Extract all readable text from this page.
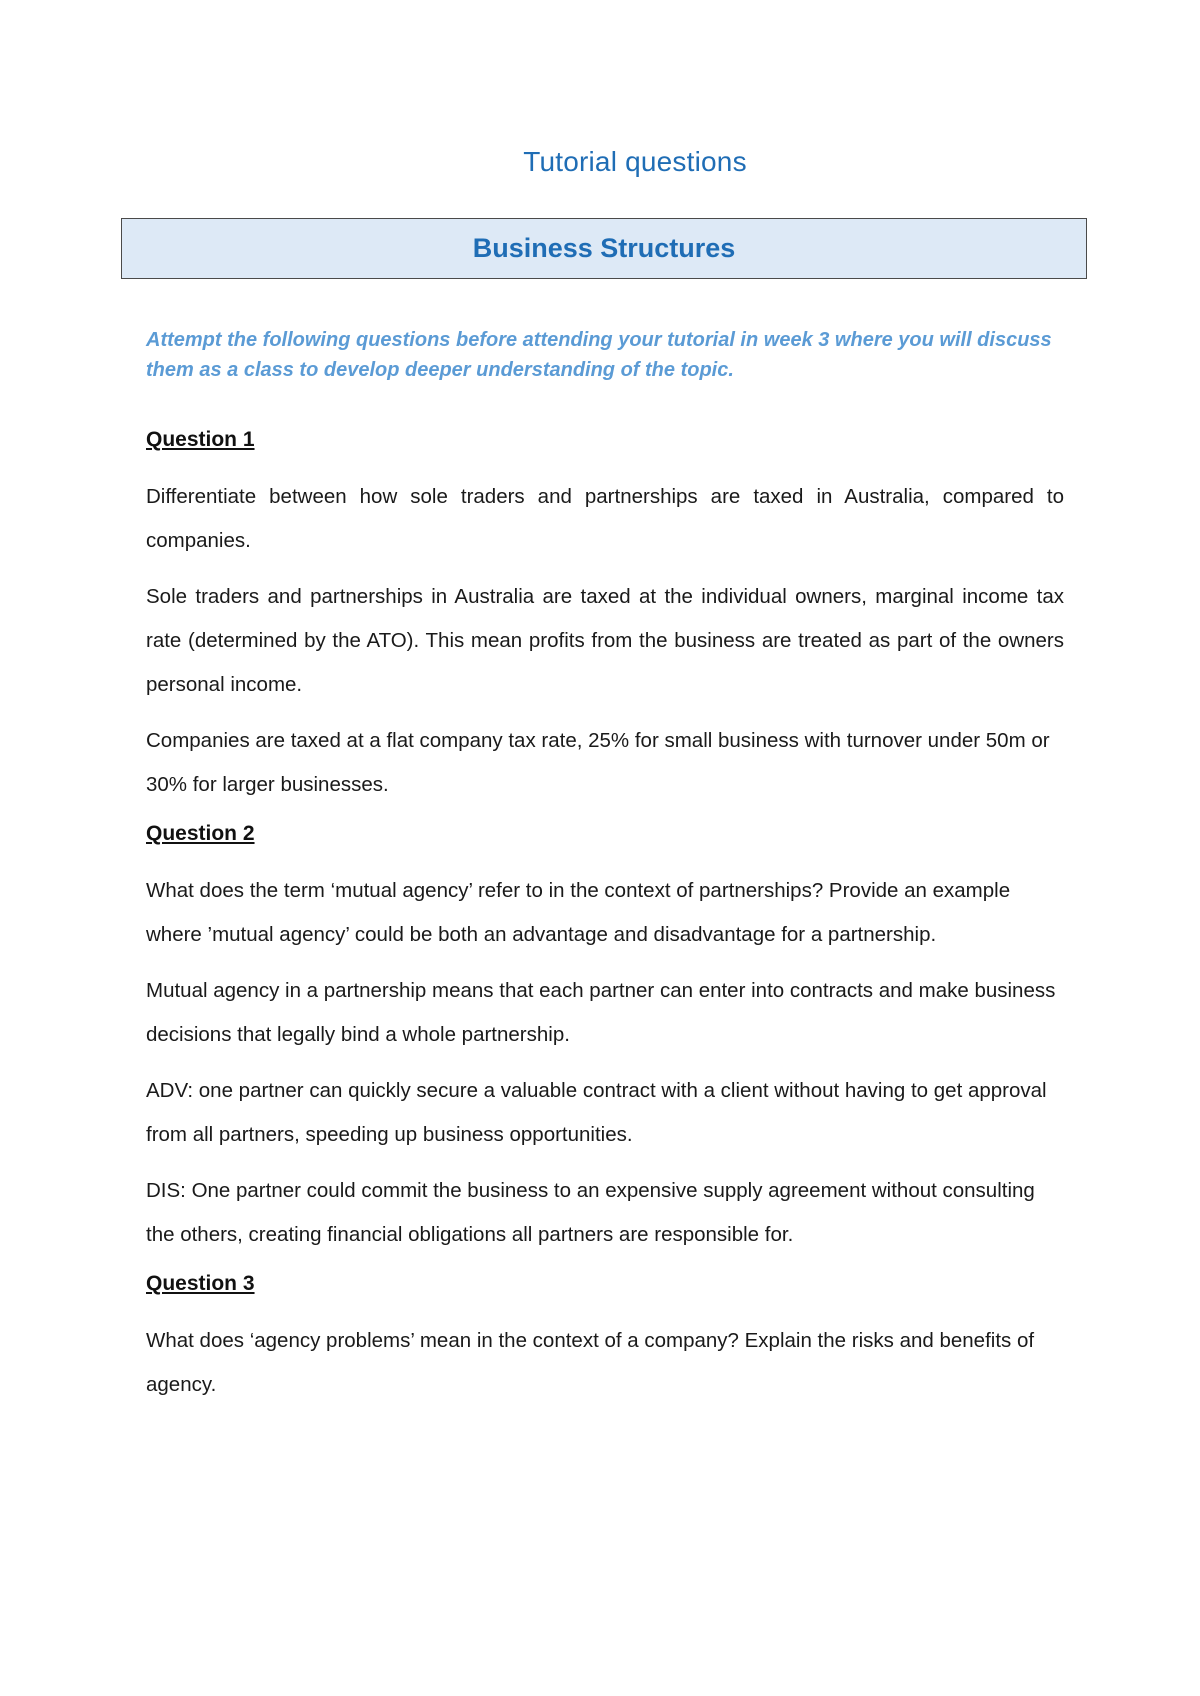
Tutorial questions
Business Structures
Attempt the following questions before attending your tutorial in week 3 where you will discuss them as a class to develop deeper understanding of the topic.
Question 1

Differentiate between how sole traders and partnerships are taxed in Australia, compared to companies.

Sole traders and partnerships in Australia are taxed at the individual owners, marginal income tax rate (determined by the ATO). This mean profits from the business are treated as part of the owners personal income.

Companies are taxed at a flat company tax rate, 25% for small business with turnover under 50m or 30% for larger businesses.

Question 2

What does the term ‘mutual agency’ refer to in the context of partnerships? Provide an example where ’mutual agency’ could be both an advantage and disadvantage for a partnership.

Mutual agency in a partnership means that each partner can enter into contracts and make business decisions that legally bind a whole partnership.

ADV: one partner can quickly secure a valuable contract with a client without having to get approval from all partners, speeding up business opportunities.

DIS: One partner could commit the business to an expensive supply agreement without consulting the others, creating financial obligations all partners are responsible for.

Question 3

What does ‘agency problems’ mean in the context of a company? Explain the risks and benefits of agency.
